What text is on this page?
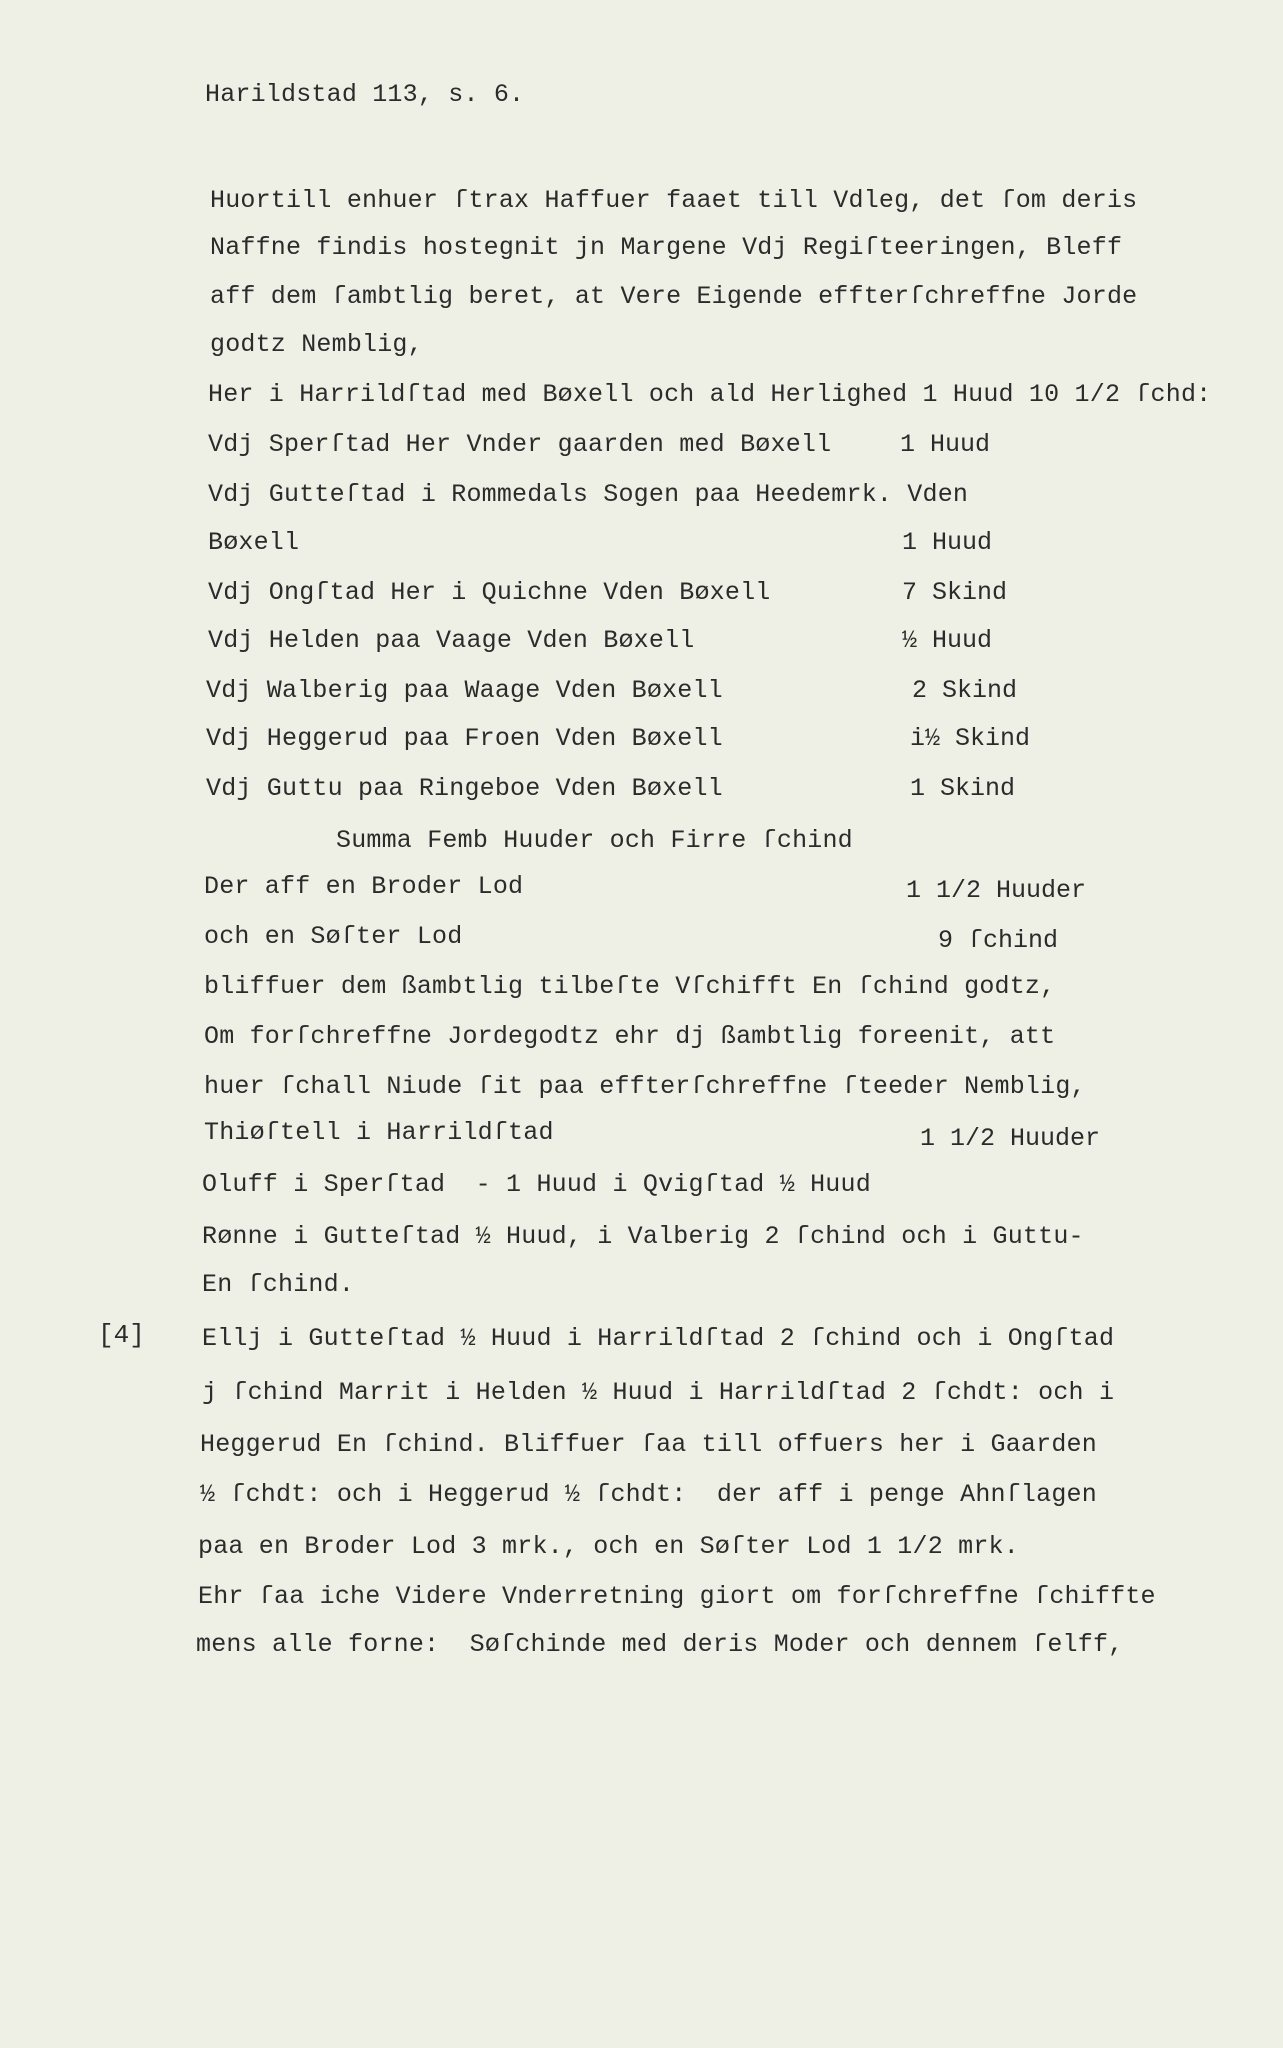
Harildstad 113, s. 6.
Huortill enhuer ſtrax Haffuer faaet till Vdleg, det ſom deris
Naffne findis hostegnit jn Margene Vdj Regiſteeringen, Bleff
aff dem ſambtlig beret, at Vere Eigende effterſchreffne Jorde
godtz Nemblig,
Her i Harrildſtad med Bøxell och ald Herlighed 1 Huud 10 1/2 ſchd:
Vdj Sperſtad Her Vnder gaarden med Bøxell
Vdj Gutteſtad i Rommedals Sogen paa Heedemrk. Vden
Bøxell
Vdj Ongſtad Her i Quichne Vden Bøxell
Vdj Helden paa Vaage Vden Bøxell
Vdj Walberig paa Waage Vden Bøxell
Vdj Heggerud paa Froen Vden Bøxell
Vdj Guttu paa Ringeboe Vden Bøxell
Summa Femb Huuder och Firre ſchind
Der aff en Broder Lod
och en Søſter Lod
bliffuer dem ßambtlig tilbeſte Vſchifft En ſchind godtz,
Om forſchreffne Jordegodtz ehr dj ßambtlig foreenit, att
huer ſchall Niude ſit paa effterſchreffne ſteeder Nemblig,
Thiøſtell i Harrildſtad
Oluff i Sperſtad  - 1 Huud i Qvigſtad ½ Huud
Rønne i Gutteſtad ½ Huud, i Valberig 2 ſchind och i Guttu-
En ſchind.
[4] Ellj i Gutteſtad ½ Huud i Harrildſtad 2 ſchind och i Ongſtad
j ſchind Marrit i Helden ½ Huud i Harrildſtad 2 ſchdt: och i
Heggerud En ſchind. Bliffuer ſaa till offuers her i Gaarden
½ ſchdt: och i Heggerud ½ ſchdt:  der aff i penge Ahnſlagen
paa en Broder Lod 3 mrk., och en Søſter Lod 1 1/2 mrk.
Ehr ſaa iche Videre Vnderretning giort om forſchreffne ſchiffte
mens alle forne:  Søſchinde med deris Moder och dennem ſelff,
1 Huud
1 Huud
7 Skind
½ Huud
2 Skind
i½ Skind
1 Skind
1 1/2 Huuder
9 ſchind
1 1/2 Huuder
